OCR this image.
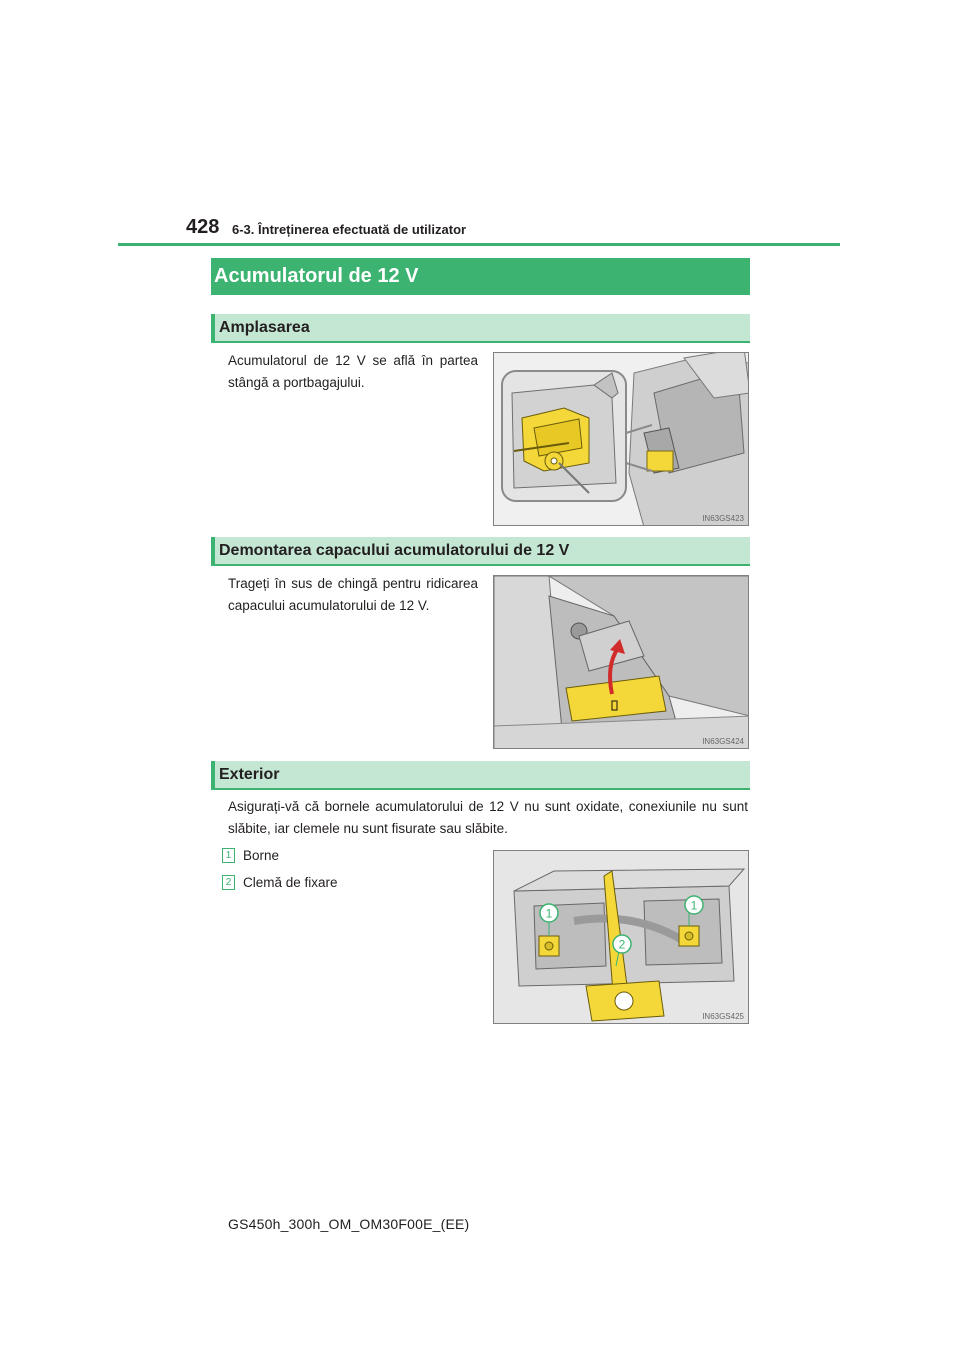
428 6-3. Întreținerea efectuată de utilizator
Acumulatorul de 12 V
Amplasarea
Acumulatorul de 12 V se află în partea stângă a portbagajului.
IN63GS423
Demontarea capacului acumulatorului de 12 V
Trageți în sus de chingă pentru ridicarea capacului acumulatorului de 12 V.
IN63GS424
Exterior
Asigurați-vă că bornele acumulatorului de 12 V nu sunt oxidate, conexiunile nu sunt slăbite, iar clemele nu sunt fisurate sau slăbite.
1 Borne
2 Clemă de fixare
1
1
2
IN63GS425
GS450h_300h_OM_OM30F00E_(EE)
